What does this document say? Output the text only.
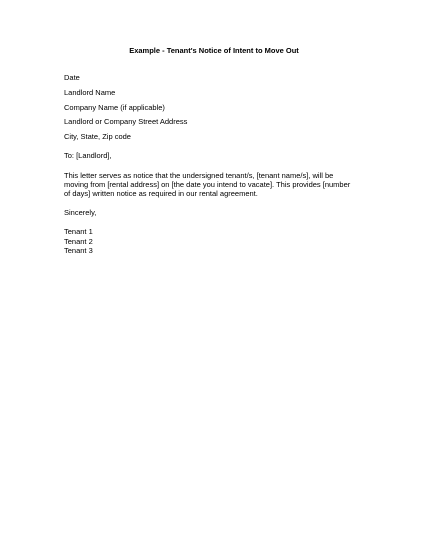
Example - Tenant's Notice of Intent to Move Out
Date
Landlord Name
Company Name (if applicable)
Landlord or Company Street Address
City, State, Zip code
To: [Landlord],
This letter serves as notice that the undersigned tenant/s, [tenant name/s], will be
moving from [rental address] on [the date you intend to vacate]. This provides [number
of days] written notice as required in our rental agreement.
Sincerely,
Tenant 1
Tenant 2
Tenant 3
